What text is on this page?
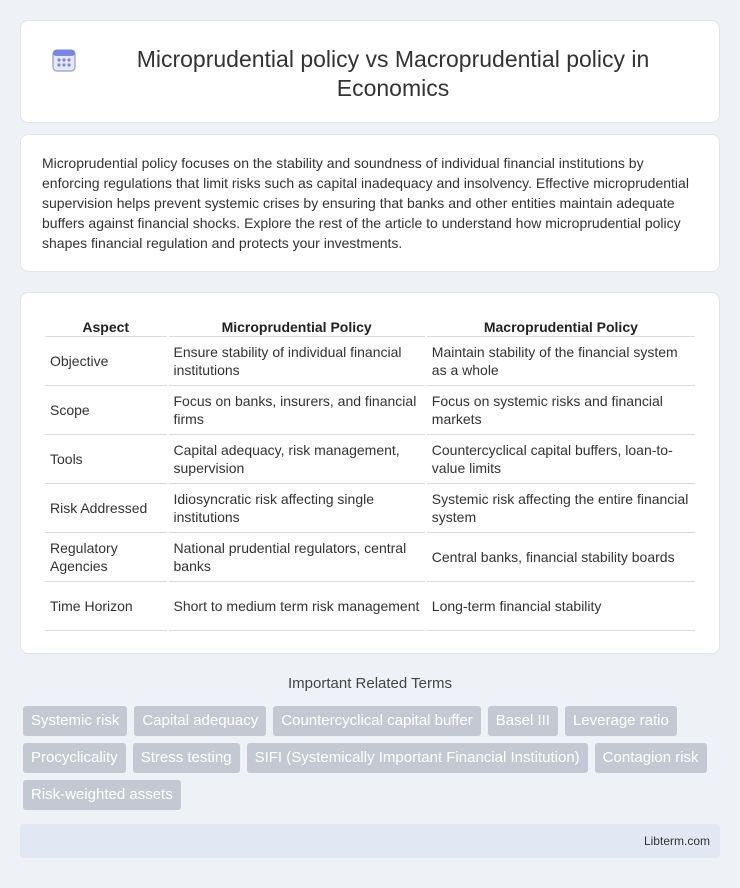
Microprudential policy vs Macroprudential policy in Economics

Microprudential policy focuses on the stability and soundness of individual financial institutions by enforcing regulations that limit risks such as capital inadequacy and insolvency. Effective microprudential supervision helps prevent systemic crises by ensuring that banks and other entities maintain adequate buffers against financial shocks. Explore the rest of the article to understand how microprudential policy shapes financial regulation and protects your investments.

Aspect	Microprudential Policy	Macroprudential Policy
Objective	Ensure stability of individual financial institutions	Maintain stability of the financial system as a whole
Scope	Focus on banks, insurers, and financial firms	Focus on systemic risks and financial markets
Tools	Capital adequacy, risk management, supervision	Countercyclical capital buffers, loan-to-value limits
Risk Addressed	Idiosyncratic risk affecting single institutions	Systemic risk affecting the entire financial system
Regulatory Agencies	National prudential regulators, central banks	Central banks, financial stability boards
Time Horizon	Short to medium term risk management	Long-term financial stability
Important Related Terms
Systemic risk	Capital adequacy	Countercyclical capital buffer	Basel III	Leverage ratio
Procyclicality	Stress testing	SIFI (Systemically Important Financial Institution)	Contagion risk
Risk-weighted assets
Libterm.com
